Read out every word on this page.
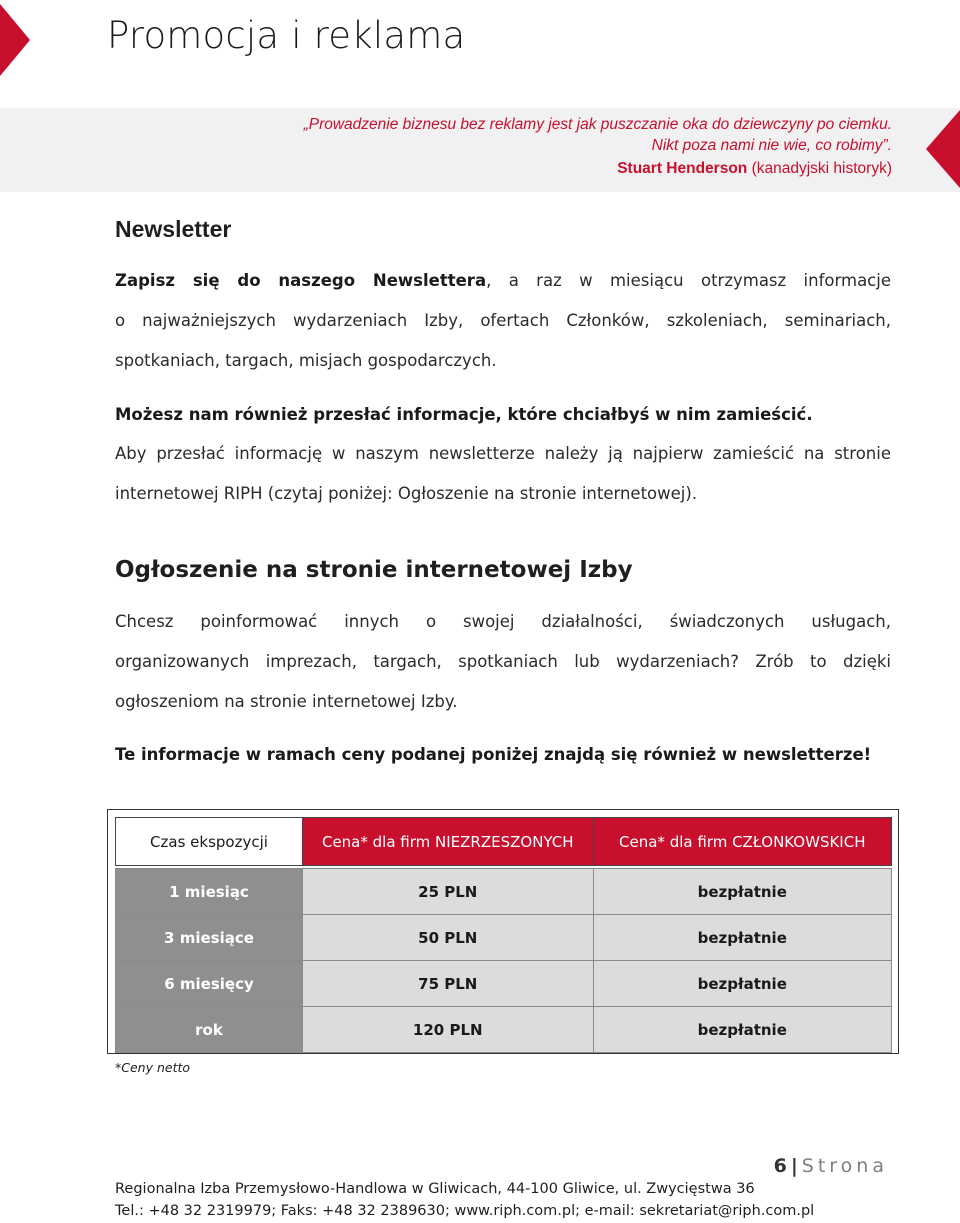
Promocja i reklama
„Prowadzenie biznesu bez reklamy jest jak puszczanie oka do dziewczyny po ciemku.
Nikt poza nami nie wie, co robimy”.
Stuart Henderson (kanadyjski historyk)
Newsletter
Zapisz się do naszego Newslettera, a raz w miesiącu otrzymasz informacje
o najważniejszych wydarzeniach Izby, ofertach Członków, szkoleniach, seminariach,
spotkaniach, targach, misjach gospodarczych.
Możesz nam również przesłać informacje, które chciałbyś w nim zamieścić.
Aby przesłać informację w naszym newsletterze należy ją najpierw zamieścić na stronie
internetowej RIPH (czytaj poniżej: Ogłoszenie na stronie internetowej).
Ogłoszenie na stronie internetowej Izby
Chcesz poinformować innych o swojej działalności, świadczonych usługach,
organizowanych imprezach, targach, spotkaniach lub wydarzeniach? Zrób to dzięki
ogłoszeniom na stronie internetowej Izby.
Te informacje w ramach ceny podanej poniżej znajdą się również w newsletterze!
Czas ekspozycji	Cena* dla firm NIEZRZESZONYCH	Cena* dla firm CZŁONKOWSKICH

1 miesiąc	25 PLN	bezpłatnie
3 miesiące	50 PLN	bezpłatnie
6 miesięcy	75 PLN	bezpłatnie
rok	120 PLN	bezpłatnie
*Ceny netto
6 | Strona
Regionalna Izba Przemysłowo-Handlowa w Gliwicach, 44-100 Gliwice, ul. Zwycięstwa 36
Tel.: +48 32 2319979; Faks: +48 32 2389630; www.riph.com.pl; e-mail: sekretariat@riph.com.pl
